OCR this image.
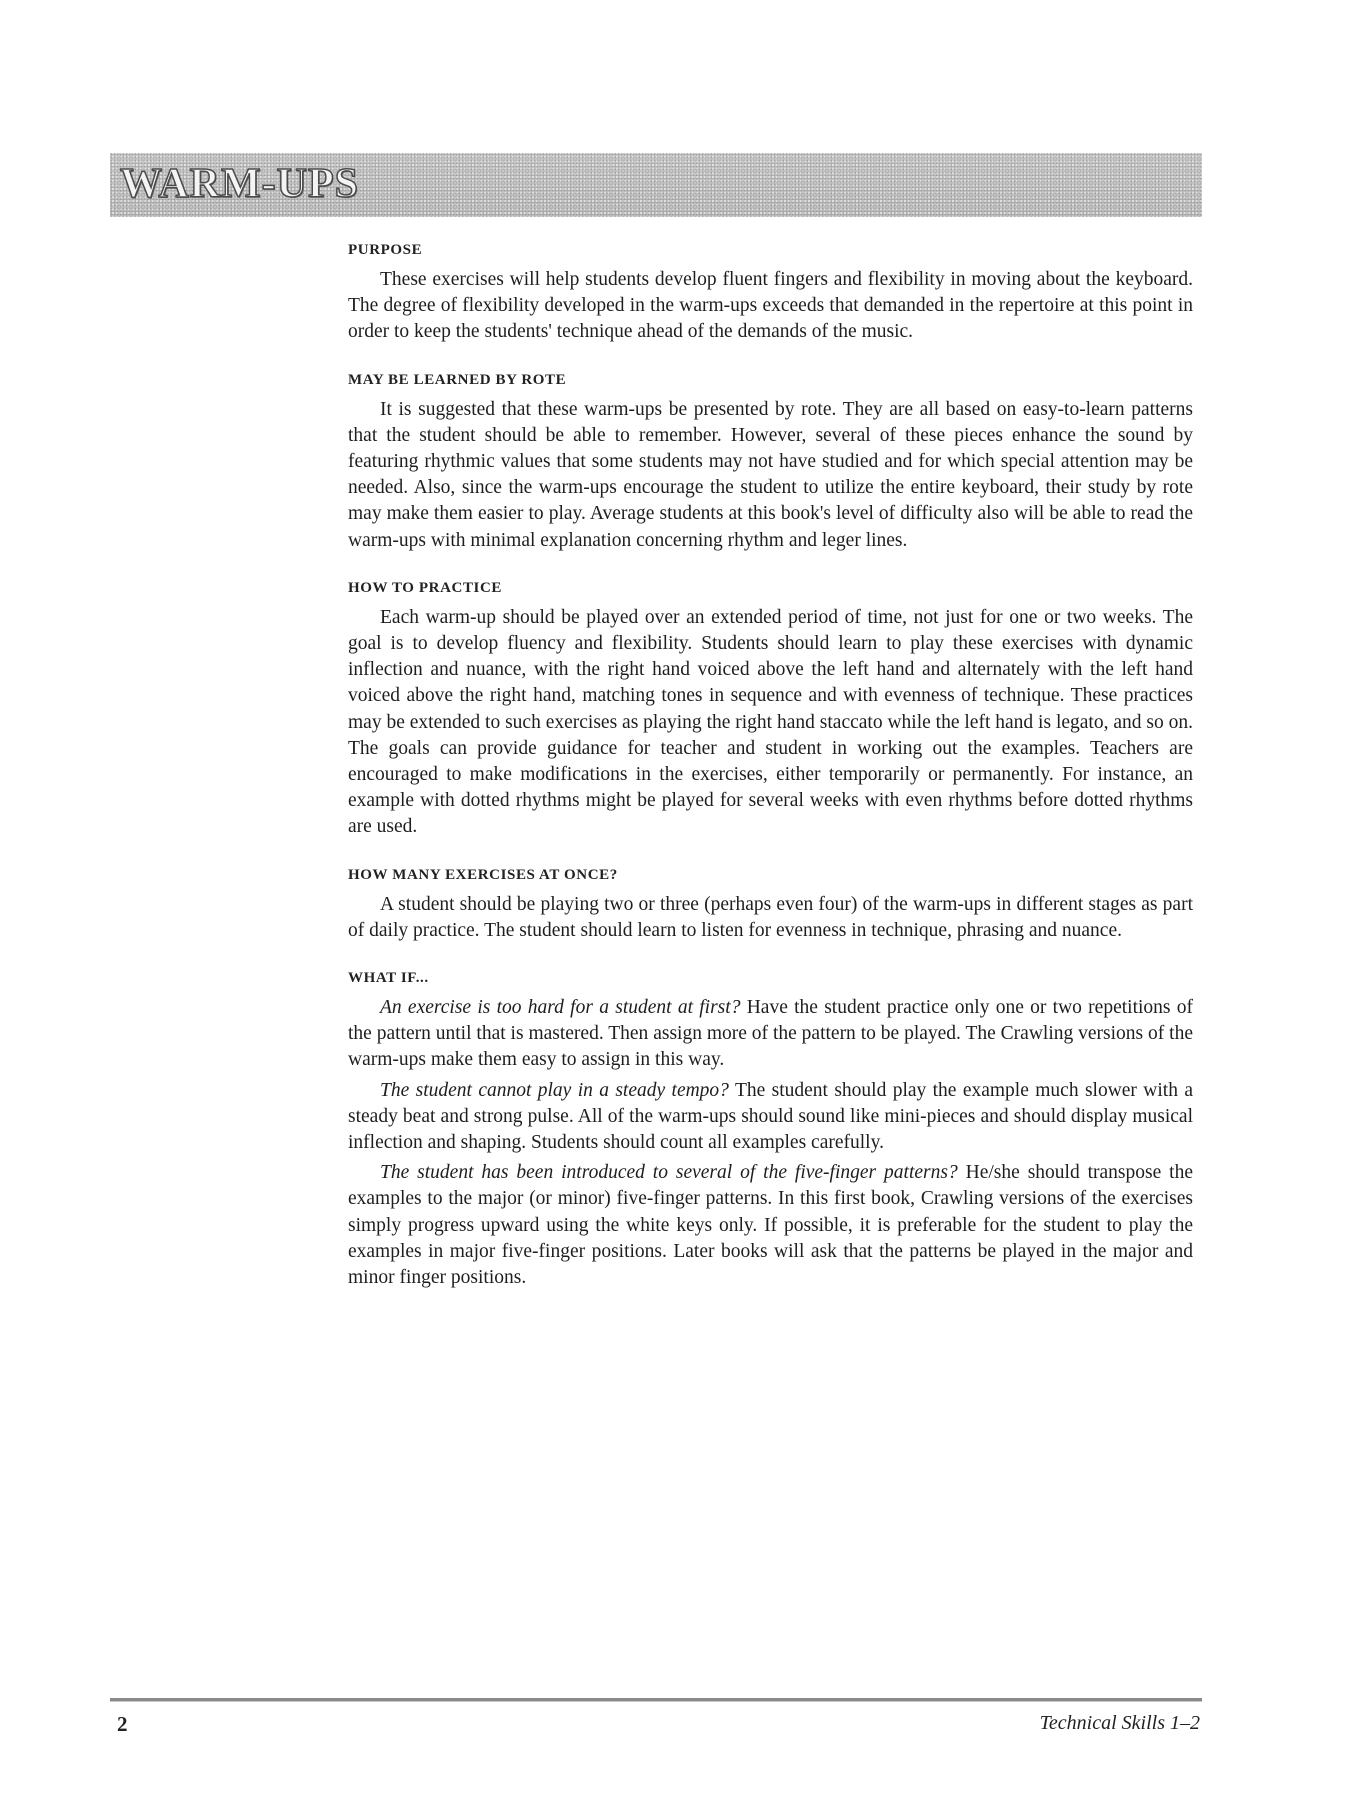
WARM-UPS
PURPOSE

These exercises will help students develop fluent fingers and flexibility in moving about the keyboard. The degree of flexibility developed in the warm-ups exceeds that demanded in the repertoire at this point in order to keep the students' technique ahead of the demands of the music.

MAY BE LEARNED BY ROTE

It is suggested that these warm-ups be presented by rote. They are all based on easy-to-learn patterns that the student should be able to remember. However, several of these pieces enhance the sound by featuring rhythmic values that some students may not have studied and for which special attention may be needed. Also, since the warm-ups encourage the student to utilize the entire keyboard, their study by rote may make them easier to play. Average students at this book's level of difficulty also will be able to read the warm-ups with minimal explanation concerning rhythm and leger lines.

HOW TO PRACTICE

Each warm-up should be played over an extended period of time, not just for one or two weeks. The goal is to develop fluency and flexibility. Students should learn to play these exercises with dynamic inflection and nuance, with the right hand voiced above the left hand and alternately with the left hand voiced above the right hand, matching tones in sequence and with evenness of technique. These practices may be extended to such exercises as playing the right hand staccato while the left hand is legato, and so on. The goals can provide guidance for teacher and student in working out the examples. Teachers are encouraged to make modifications in the exercises, either temporarily or permanently. For instance, an example with dotted rhythms might be played for several weeks with even rhythms before dotted rhythms are used.

HOW MANY EXERCISES AT ONCE?

A student should be playing two or three (perhaps even four) of the warm-ups in different stages as part of daily practice. The student should learn to listen for evenness in technique, phrasing and nuance.

WHAT IF...

An exercise is too hard for a student at first? Have the student practice only one or two repetitions of the pattern until that is mastered. Then assign more of the pattern to be played. The Crawling versions of the warm-ups make them easy to assign in this way.

The student cannot play in a steady tempo? The student should play the example much slower with a steady beat and strong pulse. All of the warm-ups should sound like mini-pieces and should display musical inflection and shaping. Students should count all examples carefully.

The student has been introduced to several of the five-finger patterns? He/she should transpose the examples to the major (or minor) five-finger patterns. In this first book, Crawling versions of the exercises simply progress upward using the white keys only. If possible, it is preferable for the student to play the examples in major five-finger positions. Later books will ask that the patterns be played in the major and minor finger positions.

2	Technical Skills 1–2
